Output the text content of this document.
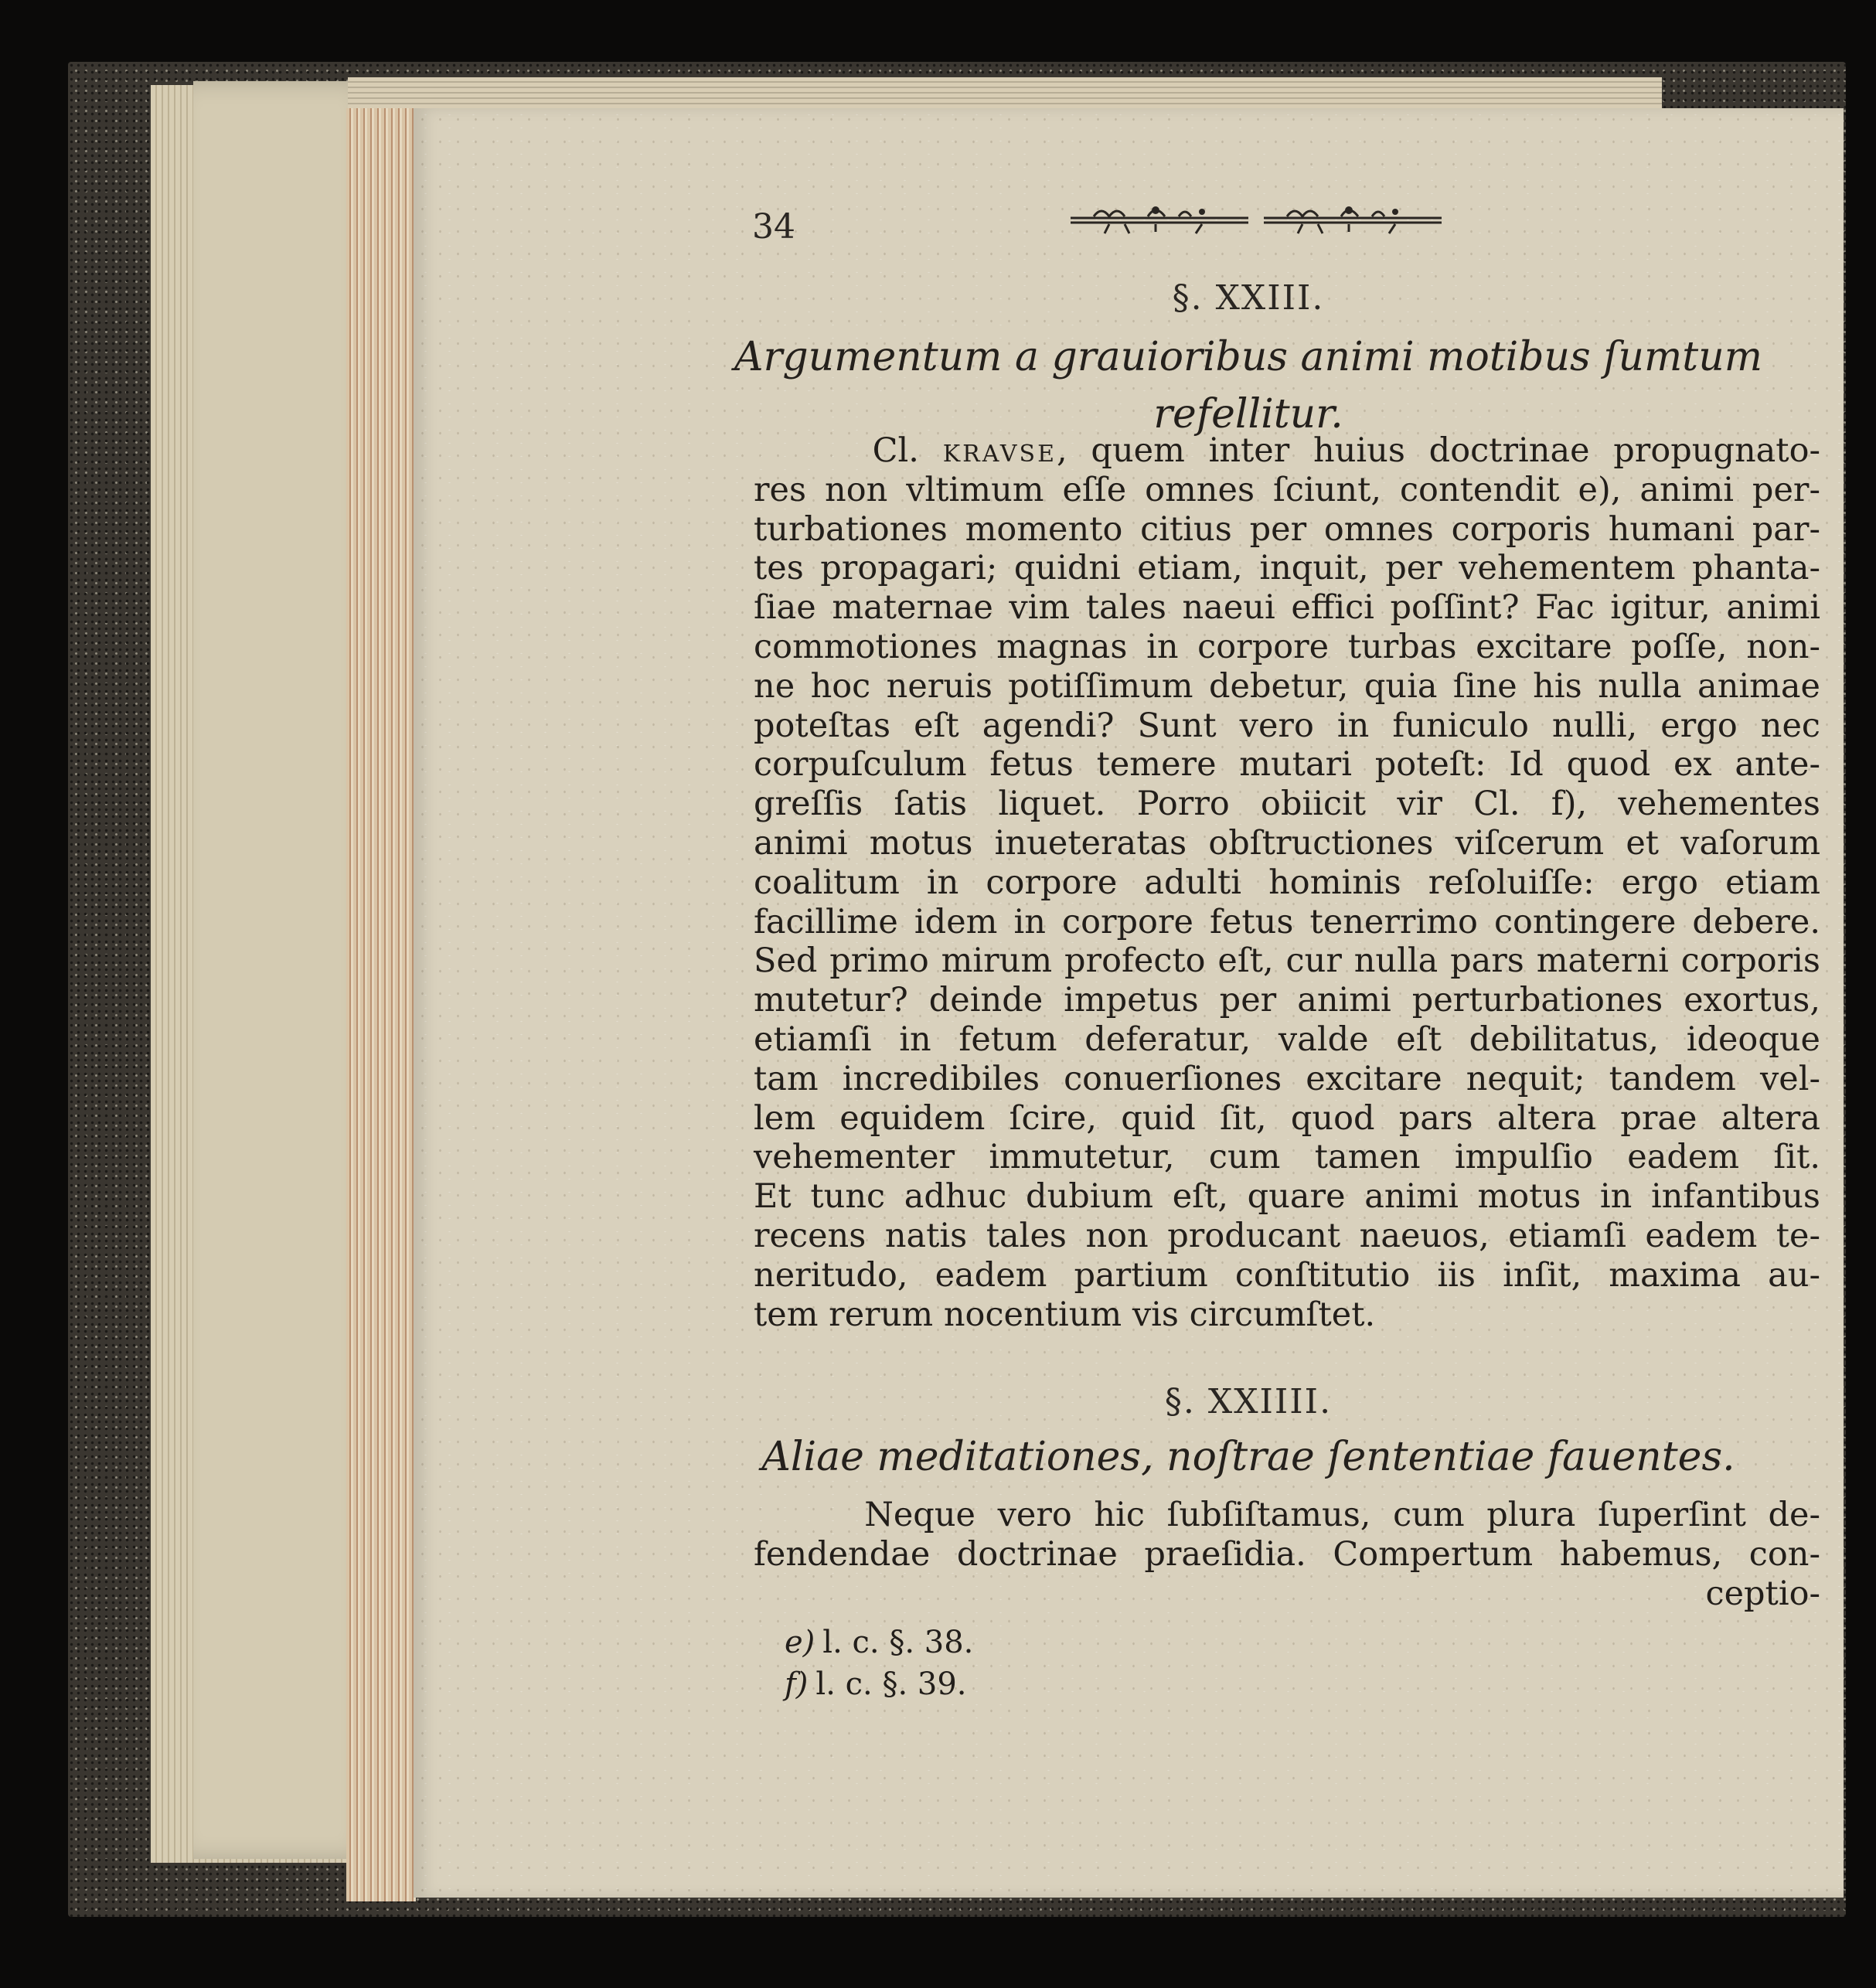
34
§. XXIII.
Argumentum a grauioribus animi motibus ſumtum
refellitur.
Cl. kravse, quem inter huius doctrinae propugnato-
res non vltimum eſſe omnes ſciunt, contendit e), animi per-
turbationes momento citius per omnes corporis humani par-
tes propagari; quidni etiam, inquit, per vehementem phanta-
ſiae maternae vim tales naeui effici poſſint? Fac igitur, animi
commotiones magnas in corpore turbas excitare poſſe, non-
ne hoc neruis potiſſimum debetur, quia ſine his nulla animae
poteſtas eſt agendi? Sunt vero in funiculo nulli, ergo nec
corpuſculum fetus temere mutari poteſt: Id quod ex ante-
greſſis ſatis liquet. Porro obiicit vir Cl. f), vehementes
animi motus inueteratas obſtructiones viſcerum et vaſorum
coalitum in corpore adulti hominis reſoluiſſe: ergo etiam
facillime idem in corpore fetus tenerrimo contingere debere.
Sed primo mirum profecto eſt, cur nulla pars materni corporis
mutetur? deinde impetus per animi perturbationes exortus,
etiamſi in fetum deferatur, valde eſt debilitatus, ideoque
tam incredibiles conuerſiones excitare nequit; tandem vel-
lem equidem ſcire, quid ſit, quod pars altera prae altera
vehementer immutetur, cum tamen impulſio eadem ſit.
Et tunc adhuc dubium eſt, quare animi motus in infantibus
recens natis tales non producant naeuos, etiamſi eadem te-
neritudo, eadem partium conſtitutio iis inſit, maxima au-
tem rerum nocentium vis circumſtet.
§. XXIIII.
Aliae meditationes, noſtrae ſententiae fauentes.
Neque vero hic ſubſiſtamus, cum plura ſuperſint de-
fendendae doctrinae praeſidia. Compertum habemus, con-
ceptio-
e) l. c. §. 38.
f) l. c. §. 39.
